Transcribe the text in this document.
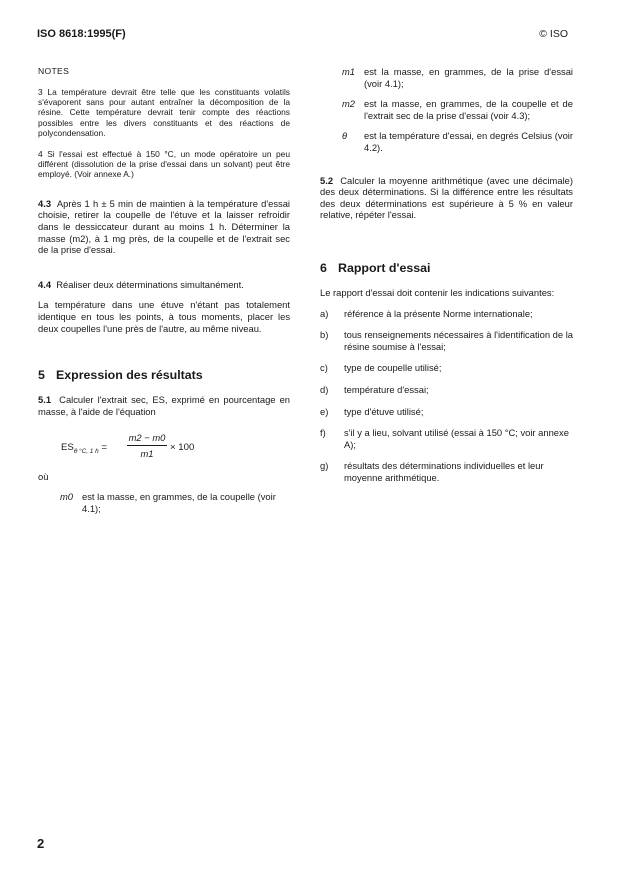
ISO 8618:1995(F)	© ISO

NOTES

3 La température devrait être telle que les constituants volatils s'évaporent sans pour autant entraîner la décomposition de la résine. Cette température devrait tenir compte des réactions possibles entre les divers constituants et des réactions de polycondensation.

4 Si l'essai est effectué à 150 °C, un mode opératoire un peu différent (dissolution de la prise d'essai dans un solvant) peut être employé. (Voir annexe A.)

4.3 Après 1 h ± 5 min de maintien à la température d'essai choisie, retirer la coupelle de l'étuve et la laisser refroidir dans le dessiccateur durant au moins 1 h. Déterminer la masse (m2), à 1 mg près, de la coupelle et de l'extrait sec de la prise d'essai.

4.4 Réaliser deux déterminations simultanément.

La température dans une étuve n'étant pas totalement identique en tous les points, à tous moments, placer les deux coupelles l'une près de l'autre, au même niveau.

5 Expression des résultats

5.1 Calculer l'extrait sec, ES, exprimé en pourcentage en masse, à l'aide de l'équation

$ES_{\theta ^\circ C, 1 h}$ =
m2 − m0
m1
× 100

où

m0 est la masse, en grammes, de la coupelle (voir 4.1);

m1 est la masse, en grammes, de la prise d'essai (voir 4.1);

m2 est la masse, en grammes, de la coupelle et de l'extrait sec de la prise d'essai (voir 4.3);

θ est la température d'essai, en degrés Celsius (voir 4.2).

5.2 Calculer la moyenne arithmétique (avec une décimale) des deux déterminations. Si la différence entre les résultats des deux déterminations est supérieure à 5 % en valeur relative, répéter l'essai.

6 Rapport d'essai

Le rapport d'essai doit contenir les indications suivantes:

a) référence à la présente Norme internationale;

b) tous renseignements nécessaires à l'identification de la résine soumise à l'essai;

c) type de coupelle utilisé;

d) température d'essai;

e) type d'étuve utilisé;

f) s'il y a lieu, solvant utilisé (essai à 150 °C; voir annexe A);

g) résultats des déterminations individuelles et leur moyenne arithmétique.

2
